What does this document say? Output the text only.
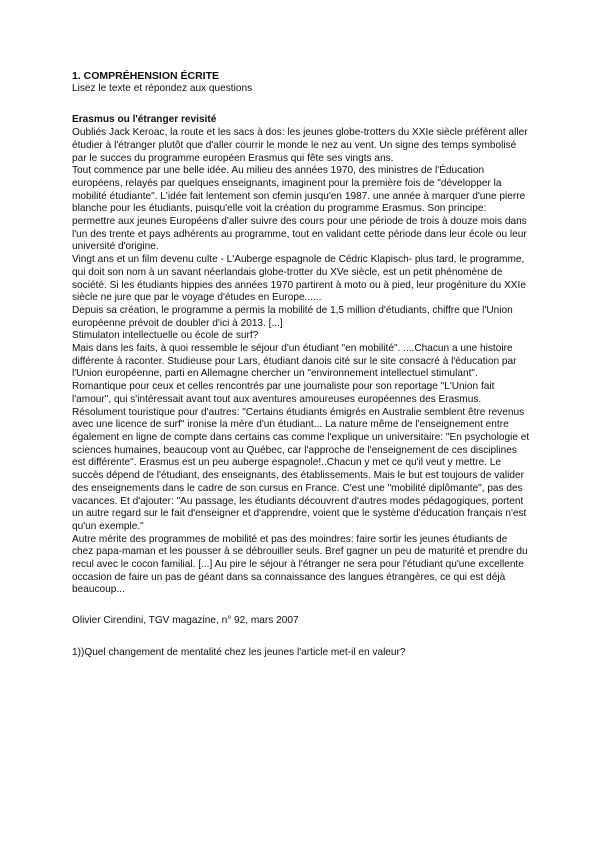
1. COMPRÉHENSION ÉCRITE

Lisez le texte et répondez aux questions

Erasmus ou l'étranger revisité

Oubliés Jack Keroac, la route et les sacs à dos: les jeunes globe-trotters du XXIe siècle préfèrent aller étudier à l'étranger plutôt que d'aller courrir le monde le nez au vent. Un signe des temps symbolisé par le succes du programme européen Erasmus qui fête ses vingts ans.

Tout commence par une belle idée. Au milieu des années 1970, des ministres de l'Éducation européens, relayés par quelques enseignants, imaginent pour la première fois de "développer la mobilité étudiante". L'idée fait lentement son cfemin jusqu'en 1987. une année à marquer d'une pierre blanche pour les étudiants, puisqu'elle voit la création du programme Erasmus. Son principe: permettre aux jeunes Européens d'aller suivre des cours pour une période de trois à douze mois dans l'un des trente et pays adhérents au programme, tout en validant cette période dans leur école ou leur université d'origine.

Vingt ans et un film devenu culte - L'Auberge espagnole de Cédric Klapisch- plus tard, le programme, qui doit son nom à un savant néerlandais globe-trotter du XVe siècle, est un petit phénomène de société. Si les étudiants hippies des années 1970 partirent à moto ou à pied, leur progéniture du XXIe siècle ne jure que par le voyage d'études en Europe......

Depuis sa création, le programme a permis la mobilité de 1,5 million d'étudiants, chiffre que l'Union européenne prévoit de doubler d'ici à 2013. [...]

Stimulaton intellectuelle ou école de surf?

Mais dans les faits, à quoi ressemble le séjour d'un étudiant "en mobilité". ....Chacun a une histoire différente à raconter. Studieuse pour Lars, étudiant danois cité sur le site consacré à l'éducation par l'Union européenne, parti en Allemagne chercher un "environnement intellectuel stimulant". Romantique pour ceux et celles rencontrés par une journaliste pour son reportage "L'Union fait l'amour", qui s'intéressait avant tout aux aventures amoureuses européennes des Erasmus. Résolument touristique pour d'autres: "Certains étudiants émigrés en Australie semblent être revenus avec une licence de surf" ironise la mère d'un étudiant... La nature même de l'enseignement entre également en ligne de compte dans certains cas comme l'explique un universitaire: "En psychologie et sciences humaines, beaucoup vont au Québec, car l'approche de l'enseignement de ces disciplines est différente". Erasmus est un peu auberge espagnole!..Chacun y met ce qu'il veut y mettre. Le succès dépend de l'étudiant, des enseignants, des établissements. Mais le but est toujours de valider des enseignements dans le cadre de son cursus en France. C'est une "mobilité diplômante", pas des vacances. Et d'ajouter: "Au passage, les étudiants découvrent d'autres modes pédagogiques, portent un autre regard sur le fait d'enseigner et d'apprendre, voient que le système d'éducation français n'est qu'un exemple."

Autre mérite des programmes de mobilité et pas des moindres: faire sortir les jeunes étudiants de chez papa-maman et les pousser à se débrouiller seuls. Bref gagner un peu de maturité et prendre du recul avec le cocon familial. [...] Au pire le séjour à l'étranger ne sera pour l'étudiant qu'une excellente occasion de faire un pas de géant dans sa connaissance des langues étrangères, ce qui est déjà beaucoup...

Olivier Cirendini, TGV magazine, n° 92, mars 2007

1))Quel changement de mentalité chez les jeunes l'article met-il en valeur?
